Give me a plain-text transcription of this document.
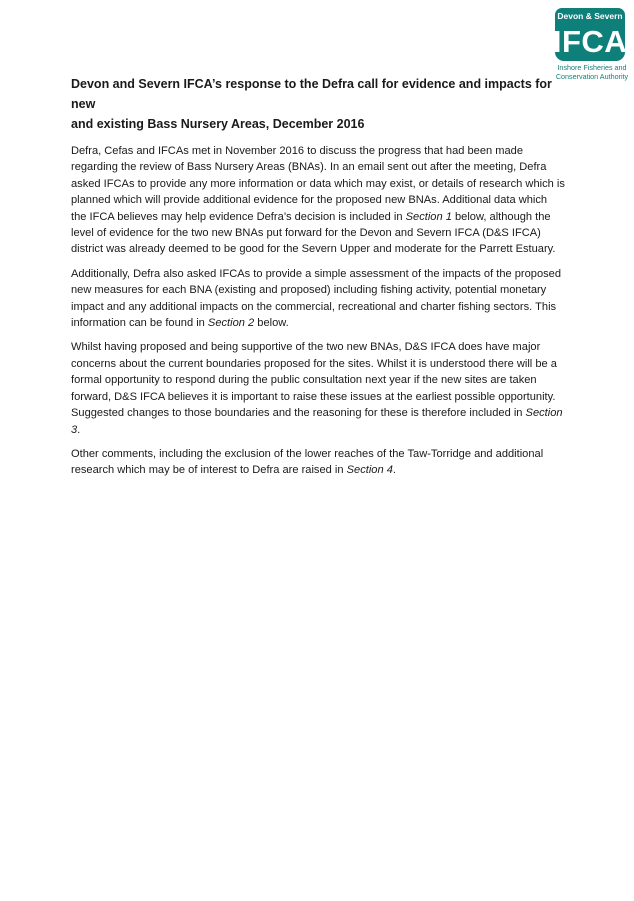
Devon & Severn
IFCA
Inshore Fisheries and
Conservation Authority

Devon and Severn IFCA’s response to the Defra call for evidence and impacts for new
and existing Bass Nursery Areas, December 2016

Defra, Cefas and IFCAs met in November 2016 to discuss the progress that had been made regarding the review of Bass Nursery Areas (BNAs). In an email sent out after the meeting, Defra asked IFCAs to provide any more information or data which may exist, or details of research which is planned which will provide additional evidence for the proposed new BNAs. Additional data which the IFCA believes may help evidence Defra’s decision is included in Section 1 below, although the level of evidence for the two new BNAs put forward for the Devon and Severn IFCA (D&S IFCA) district was already deemed to be good for the Severn Upper and moderate for the Parrett Estuary.

Additionally, Defra also asked IFCAs to provide a simple assessment of the impacts of the proposed new measures for each BNA (existing and proposed) including fishing activity, potential monetary impact and any additional impacts on the commercial, recreational and charter fishing sectors. This information can be found in Section 2 below.

Whilst having proposed and being supportive of the two new BNAs, D&S IFCA does have major concerns about the current boundaries proposed for the sites. Whilst it is understood there will be a formal opportunity to respond during the public consultation next year if the new sites are taken forward, D&S IFCA believes it is important to raise these issues at the earliest possible opportunity. Suggested changes to those boundaries and the reasoning for these is therefore included in Section 3.

Other comments, including the exclusion of the lower reaches of the Taw-Torridge and additional research which may be of interest to Defra are raised in Section 4.
